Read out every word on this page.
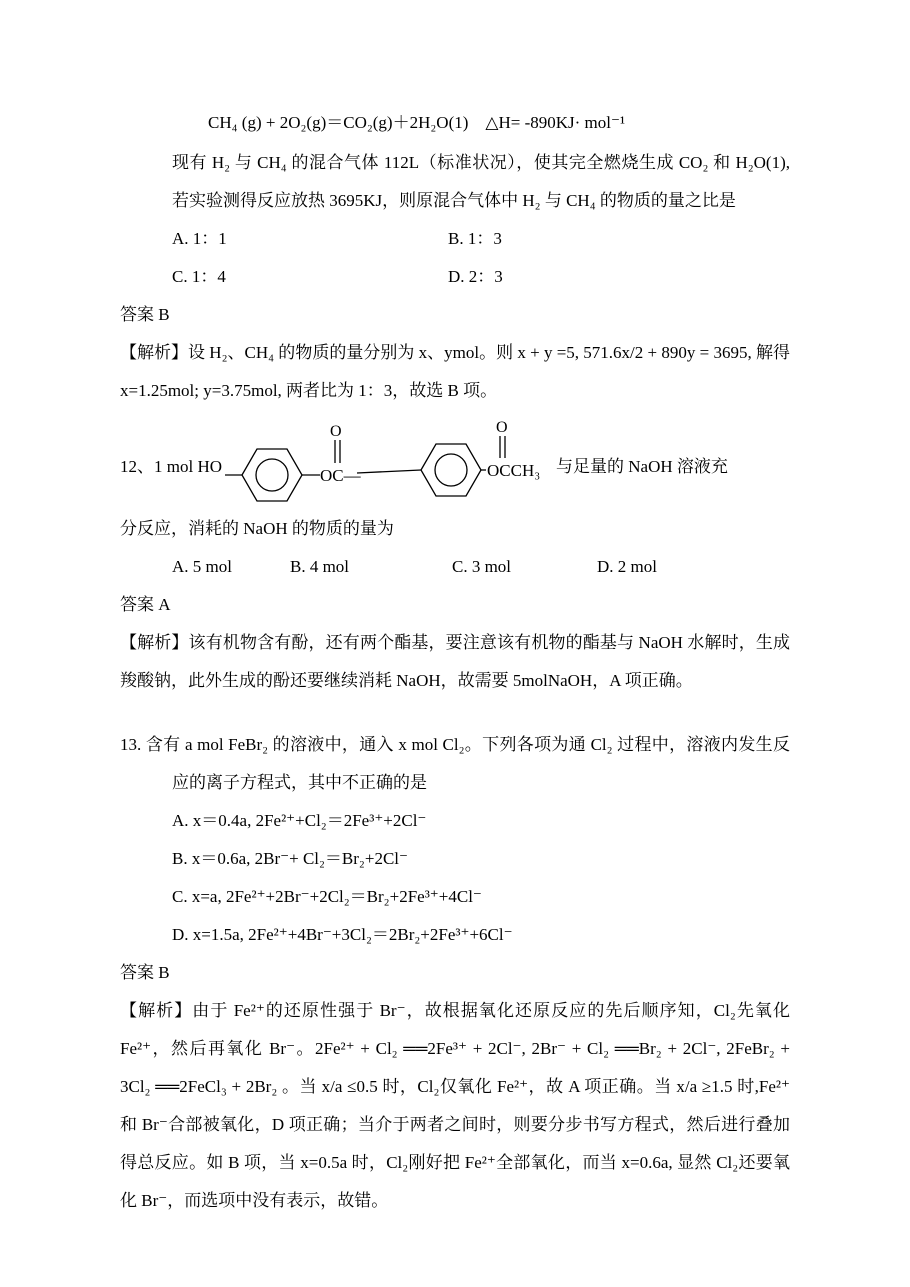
CH₄ (g) + 2O₂(g)＝CO₂(g)＋2H₂O(1)　△H= -890KJ· mol⁻¹

现有 H₂ 与 CH₄ 的混合气体 112L（标准状况），使其完全燃烧生成 CO₂ 和 H₂O(1), 若实验测得反应放热 3695KJ，则原混合气体中 H₂ 与 CH₄ 的物质的量之比是

A. 1：1	B. 1：3
C. 1：4	D. 2：3

答案 B

【解析】设 H₂、CH₄ 的物质的量分别为 x、ymol。则 x + y =5, 571.6x/2 + 890y = 3695, 解得 x=1.25mol; y=3.75mol, 两者比为 1：3，故选 B 项。

12、1 mol HO	OC—
O
OCCH₃
O
与足量的 NaOH 溶液充

分反应，消耗的 NaOH 的物质的量为

A. 5 mol	B. 4 mol	C. 3 mol	D. 2 mol

答案 A

【解析】该有机物含有酚，还有两个酯基，要注意该有机物的酯基与 NaOH 水解时，生成羧酸钠，此外生成的酚还要继续消耗 NaOH，故需要 5molNaOH，A 项正确。

13. 含有 a mol FeBr₂ 的溶液中，通入 x mol Cl₂。下列各项为通 Cl₂ 过程中，溶液内发生反应的离子方程式，其中不正确的是

A. x＝0.4a, 2Fe²⁺+Cl₂＝2Fe³⁺+2Cl⁻

B. x＝0.6a, 2Br⁻+ Cl₂＝Br₂+2Cl⁻

C. x=a, 2Fe²⁺+2Br⁻+2Cl₂＝Br₂+2Fe³⁺+4Cl⁻

D. x=1.5a, 2Fe²⁺+4Br⁻+3Cl₂＝2Br₂+2Fe³⁺+6Cl⁻

答案 B

【解析】由于 Fe²⁺的还原性强于 Br⁻，故根据氧化还原反应的先后顺序知，Cl₂先氧化 Fe²⁺，然后再氧化 Br⁻。2Fe²⁺ + Cl₂ ══2Fe³⁺ + 2Cl⁻, 2Br⁻ + Cl₂ ══Br₂ + 2Cl⁻, 2FeBr₂ + 3Cl₂ ══2FeCl₃ + 2Br₂ 。当 x/a ≤0.5 时，Cl₂仅氧化 Fe²⁺，故 A 项正确。当 x/a ≥1.5 时,Fe²⁺和 Br⁻合部被氧化，D 项正确；当介于两者之间时，则要分步书写方程式，然后进行叠加得总反应。如 B 项，当 x=0.5a 时，Cl₂刚好把 Fe²⁺全部氧化，而当 x=0.6a, 显然 Cl₂还要氧化 Br⁻，而选项中没有表示，故错。
